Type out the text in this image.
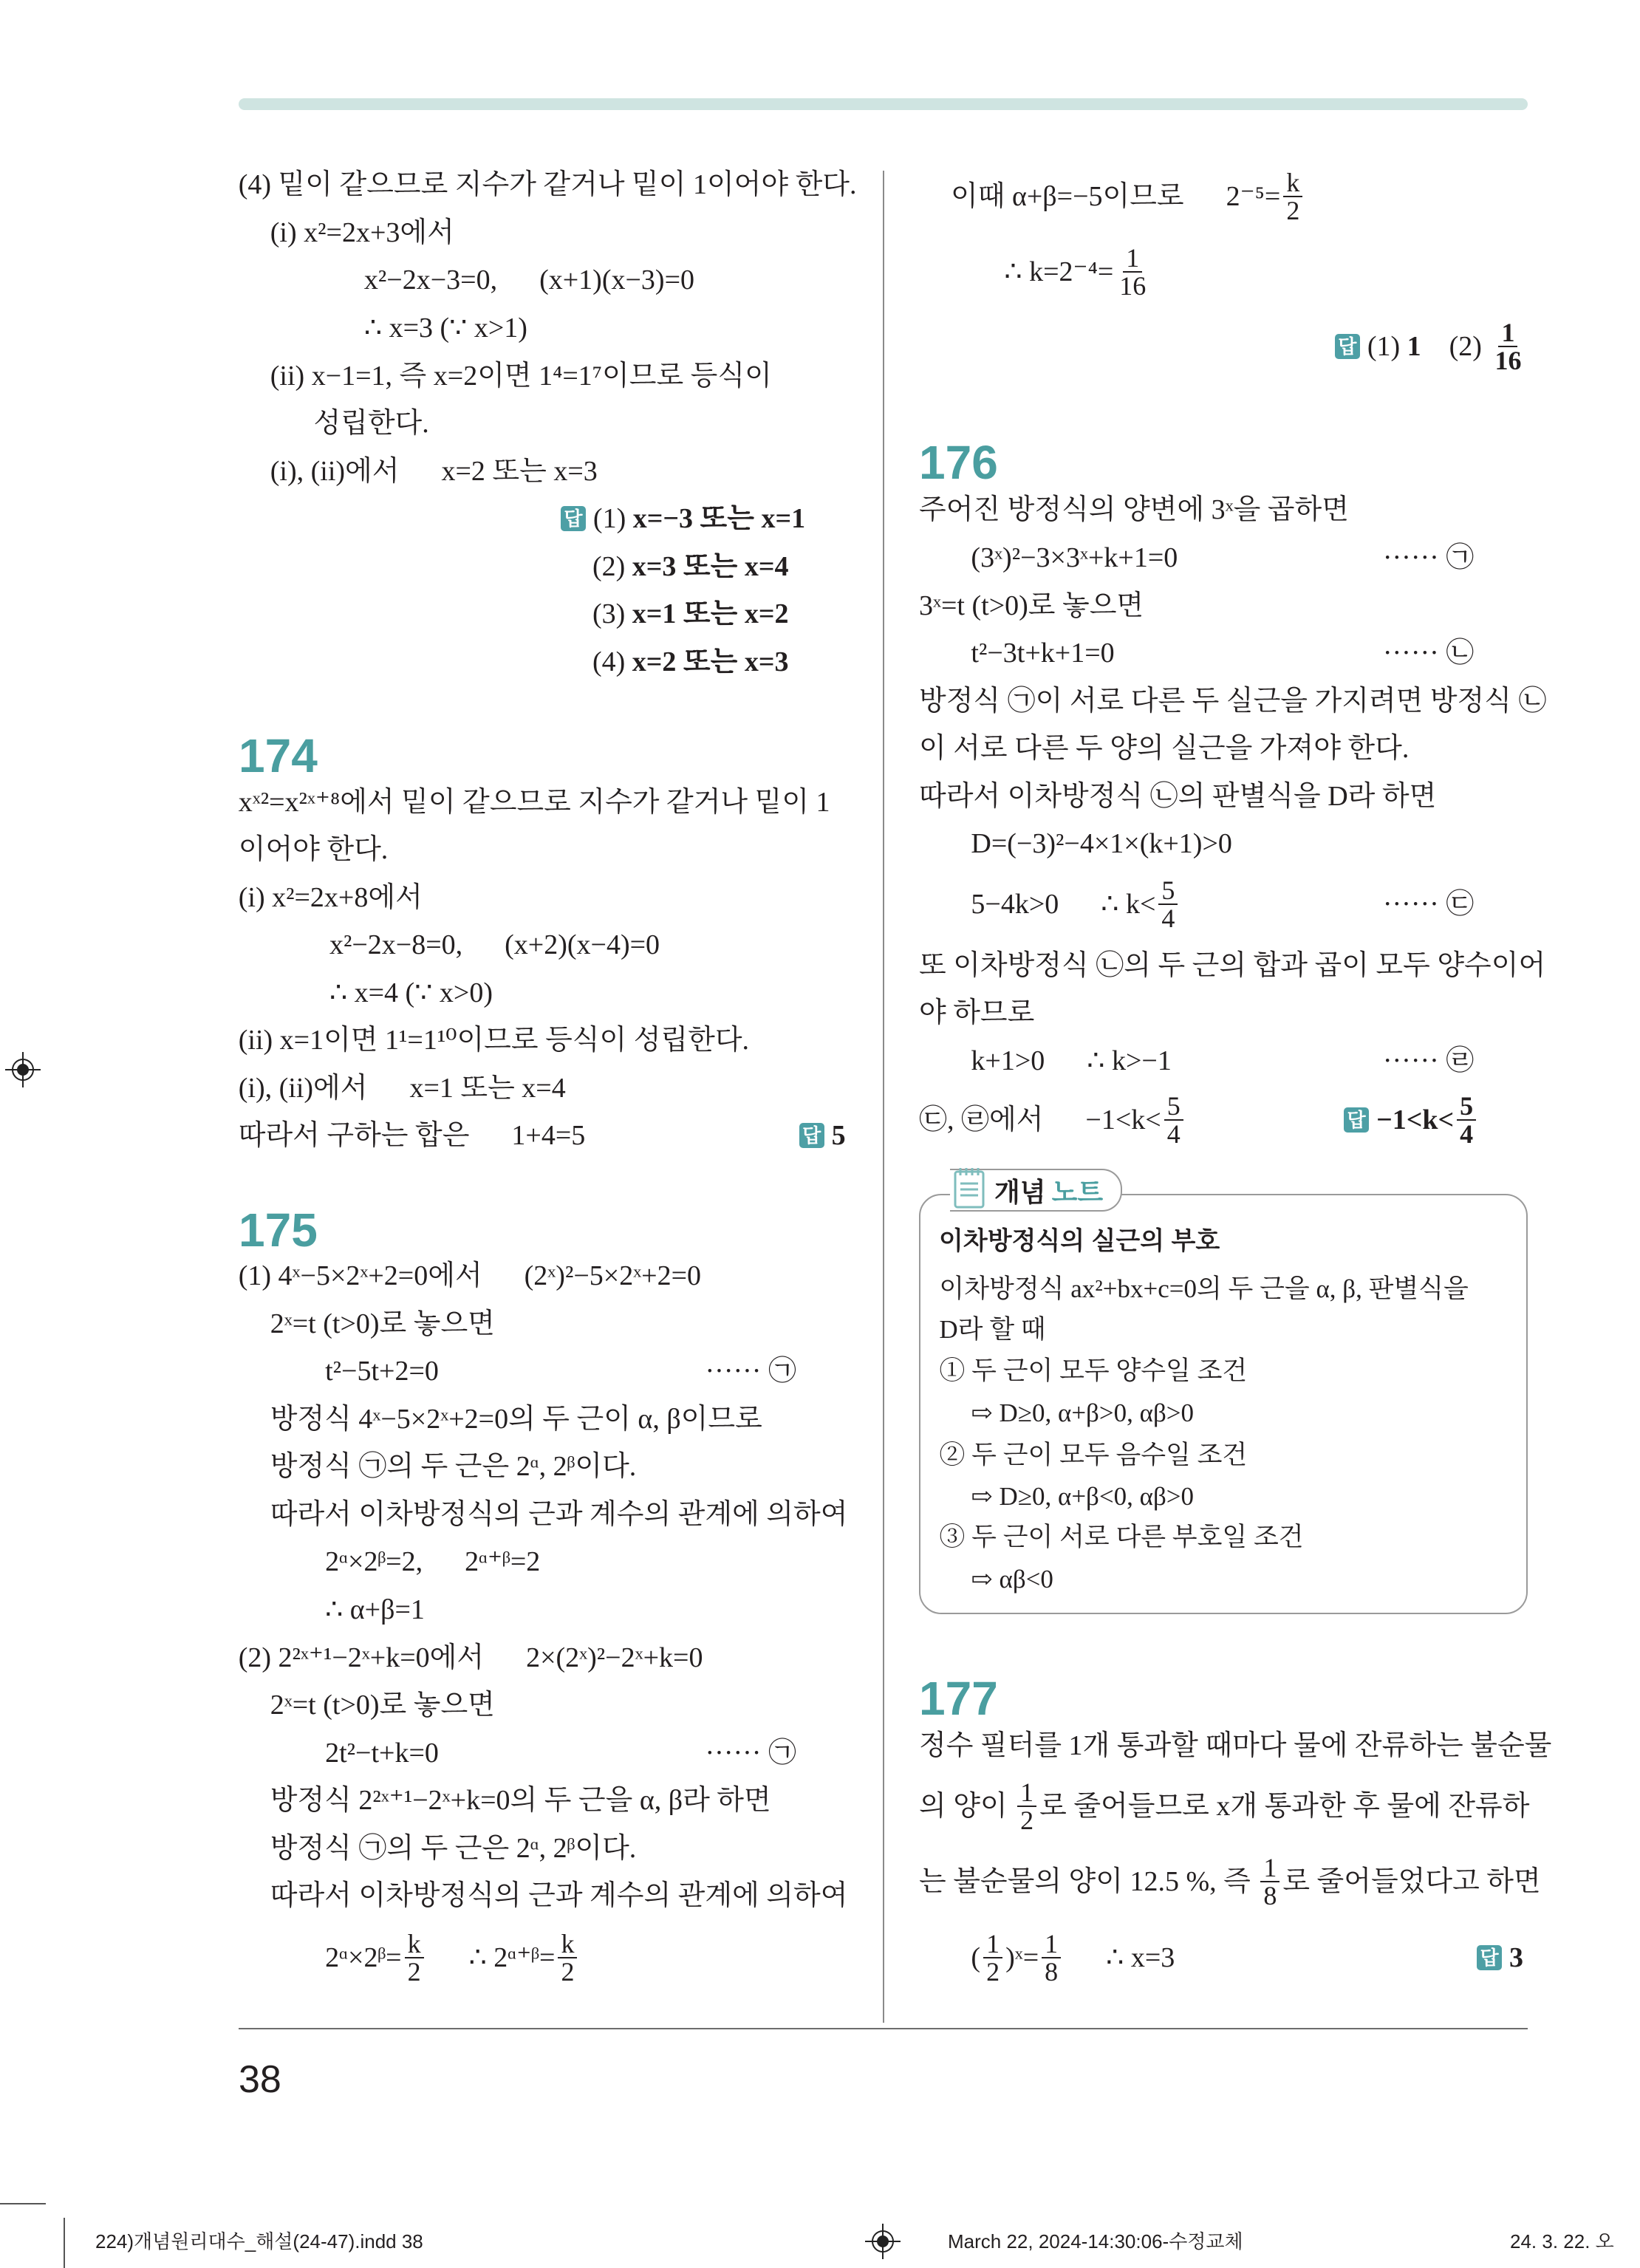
38
174
175
176
177
개념 노트
이차방정식의 실근의 부호
(4) 밑이 같으므로 지수가 같거나 밑이 1이어야 한다.
(i) x²=2x+3에서
x²−2x−3=0,      (x+1)(x−3)=0
∴ x=3 (∵ x>1)
(ii) x−1=1, 즉 x=2이면 1⁴=1⁷이므로 등식이
성립한다.
(i), (ii)에서      x=2 또는 x=3
답 (1) x=−3 또는 x=1
(2) x=3 또는 x=4
(3) x=1 또는 x=2
(4) x=2 또는 x=3
xˣ²=x²ˣ⁺⁸에서 밑이 같으므로 지수가 같거나 밑이 1
이어야 한다.
(i) x²=2x+8에서
x²−2x−8=0,      (x+2)(x−4)=0
∴ x=4 (∵ x>0)
(ii) x=1이면 1¹=1¹⁰이므로 등식이 성립한다.
(i), (ii)에서      x=1 또는 x=4
따라서 구하는 합은      1+4=5	답 5
(1) 4ˣ−5×2ˣ+2=0에서      (2ˣ)²−5×2ˣ+2=0
2ˣ=t (t>0)로 놓으면
t²−5t+2=0	······ ㉠
방정식 4ˣ−5×2ˣ+2=0의 두 근이 α, β이므로
방정식 ㉠의 두 근은 2ᵅ, 2ᵝ이다.
따라서 이차방정식의 근과 계수의 관계에 의하여
2ᵅ×2ᵝ=2,      2ᵅ⁺ᵝ=2
∴ α+β=1
(2) 2²ˣ⁺¹−2ˣ+k=0에서      2×(2ˣ)²−2ˣ+k=0
2ˣ=t (t>0)로 놓으면
2t²−t+k=0	······ ㉠
방정식 2²ˣ⁺¹−2ˣ+k=0의 두 근을 α, β라 하면
방정식 ㉠의 두 근은 2ᵅ, 2ᵝ이다.
따라서 이차방정식의 근과 계수의 관계에 의하여
2ᵅ×2ᵝ= $\frac{k}{2}$ ∴ 2ᵅ⁺ᵝ= $\frac{k}{2}$
이때 α+β=−5이므로      $2^{-5}= \frac{k}{2}$
∴ $k=2^{-4}= \frac{1}{16}$
답 (1) 1 $(2) \frac{1}{16}$
주어진 방정식의 양변에 3ˣ을 곱하면
(3ˣ)²−3×3ˣ+k+1=0	······ ㉠
3ˣ=t (t>0)로 놓으면
t²−3t+k+1=0	······ ㉡
방정식 ㉠이 서로 다른 두 실근을 가지려면 방정식 ㉡
이 서로 다른 두 양의 실근을 가져야 한다.
따라서 이차방정식 ㉡의 판별식을 D라 하면
D=(−3)²−4×1×(k+1)>0
5−4k>0      ∴ $k< \frac{5}{4}$	······ ㉢
또 이차방정식 ㉡의 두 근의 합과 곱이 모두 양수이어
야 하므로
k+1>0      ∴ k>−1	······ ㉣
㉢, ㉣에서      $-1<k< \frac{5}{4}$	답 $-1<k< \frac{5}{4}$
정수 필터를 1개 통과할 때마다 물에 잔류하는 불순물
의 양이 $\frac{1}{2}$ 로 줄어들므로 x개 통과한 후 물에 잔류하
는 불순물의 양이 12.5 %, 즉 $\frac{1}{8}$ 로 줄어들었다고 하면
( $\frac{1}{2}$ )ˣ= $\frac{1}{8}$ ∴ x=3	답 3
이차방정식 ax²+bx+c=0의 두 근을 α, β, 판별식을
D라 할 때
① 두 근이 모두 양수일 조건
⇨ D≥0, α+β>0, αβ>0
② 두 근이 모두 음수일 조건
⇨ D≥0, α+β<0, αβ>0
③ 두 근이 서로 다른 부호일 조건
⇨ αβ<0
224)개념원리대수_해설(24-47).indd 38	March 22, 2024-14:30:06-수정교체	24. 3. 22. 오
